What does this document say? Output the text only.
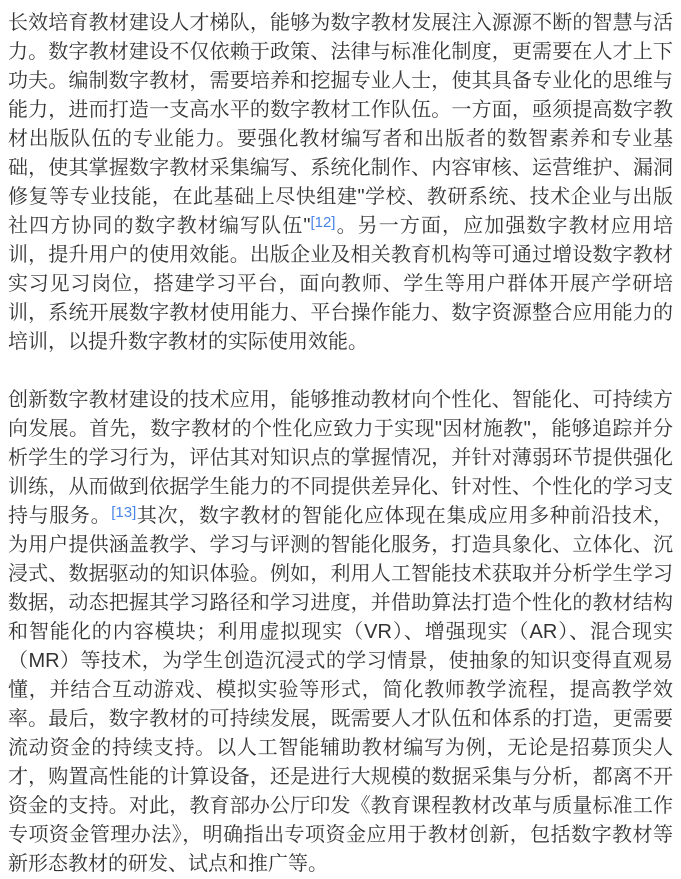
长效培育教材建设人才梯队，能够为数字教材发展注入源源不断的智慧与活力。数字教材建设不仅依赖于政策、法律与标准化制度，更需要在人才上下功夫。编制数字教材，需要培养和挖掘专业人士，使其具备专业化的思维与能力，进而打造一支高水平的数字教材工作队伍。一方面，亟须提高数字教材出版队伍的专业能力。要强化教材编写者和出版者的数智素养和专业基础，使其掌握数字教材采集编写、系统化制作、内容审核、运营维护、漏洞修复等专业技能，在此基础上尽快组建"学校、教研系统、技术企业与出版社四方协同的数字教材编写队伍"[12]。另一方面，应加强数字教材应用培训，提升用户的使用效能。出版企业及相关教育机构等可通过增设数字教材实习见习岗位，搭建学习平台，面向教师、学生等用户群体开展产学研培训，系统开展数字教材使用能力、平台操作能力、数字资源整合应用能力的培训，以提升数字教材的实际使用效能。

创新数字教材建设的技术应用，能够推动教材向个性化、智能化、可持续方向发展。首先，数字教材的个性化应致力于实现"因材施教"，能够追踪并分析学生的学习行为，评估其对知识点的掌握情况，并针对薄弱环节提供强化训练，从而做到依据学生能力的不同提供差异化、针对性、个性化的学习支持与服务。[13]其次，数字教材的智能化应体现在集成应用多种前沿技术，为用户提供涵盖教学、学习与评测的智能化服务，打造具象化、立体化、沉浸式、数据驱动的知识体验。例如，利用人工智能技术获取并分析学生学习数据，动态把握其学习路径和学习进度，并借助算法打造个性化的教材结构和智能化的内容模块；利用虚拟现实（VR）、增强现实（AR）、混合现实（MR）等技术，为学生创造沉浸式的学习情景，使抽象的知识变得直观易懂，并结合互动游戏、模拟实验等形式，简化教师教学流程，提高教学效率。最后，数字教材的可持续发展，既需要人才队伍和体系的打造，更需要流动资金的持续支持。以人工智能辅助教材编写为例，无论是招募顶尖人才，购置高性能的计算设备，还是进行大规模的数据采集与分析，都离不开资金的支持。对此，教育部办公厅印发《教育课程教材改革与质量标准工作专项资金管理办法》，明确指出专项资金应用于教材创新，包括数字教材等新形态教材的研发、试点和推广等。
